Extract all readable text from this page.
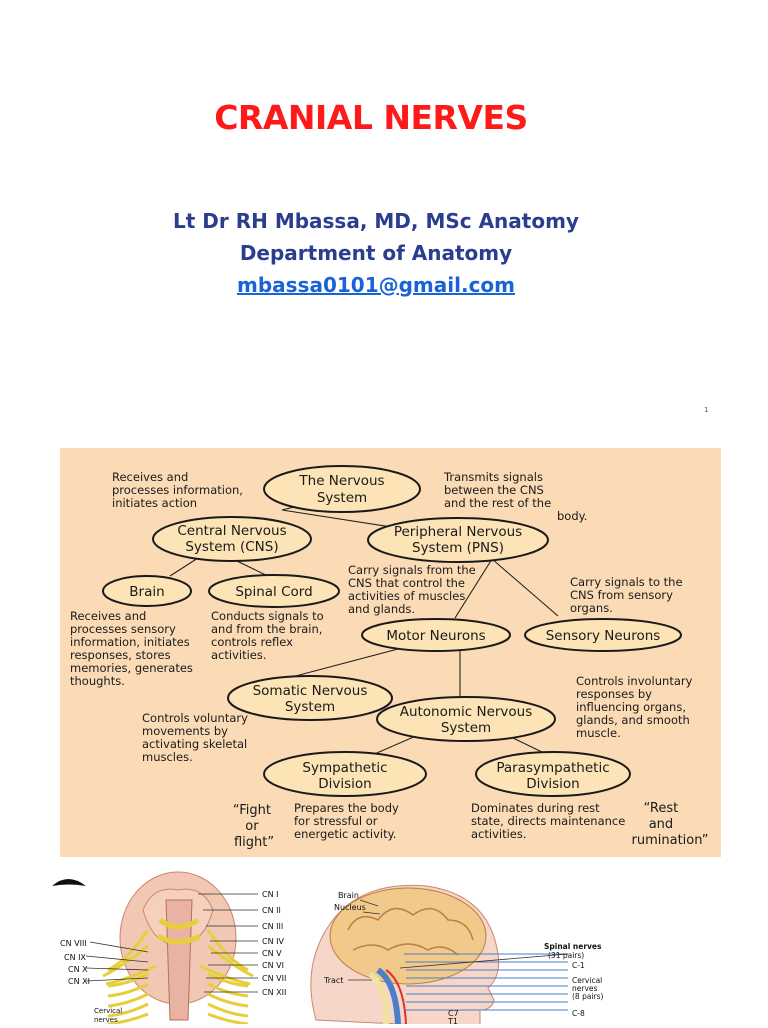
CRANIAL NERVES
Lt Dr RH Mbassa, MD, MSc Anatomy
Department of Anatomy
mbassa0101@gmail.com
1
The Nervous
System
Central Nervous
System (CNS)
Peripheral Nervous
System (PNS)
Brain	Spinal Cord
Motor Neurons	Sensory Neurons
Somatic Nervous
System	Autonomic Nervous
System
Sympathetic
Division
Parasympathetic
Division
Receives and processes information, initiates action
Transmits signals between the CNS and the rest of the body.
Receives and processes sensory information, initiates responses, stores memories, generates thoughts.
Conducts signals to and from the brain, controls reflex activities.
Carry signals from the CNS that control the activities of muscles and glands.
Carry signals to the CNS from sensory organs.
Controls involuntary responses by influencing organs, glands, and smooth muscle.
Controls voluntary movements by activating skeletal muscles.
Prepares the body for stressful or energetic activity.
Dominates during rest state, directs maintenance activities.
“Fight or flight”
“Rest and rumination”
CN I
CN II
CN III
CN IV
CN V
CN VI
CN VII
CN XII
CN VIII
CN IX
CN X
CN XI
Cervical
nerves
Brain
Nucleus
Tract
C7
T1
Spinal nerves
(31 pairs)
C-1
Cervical
nerves
(8 pairs)
C-8
